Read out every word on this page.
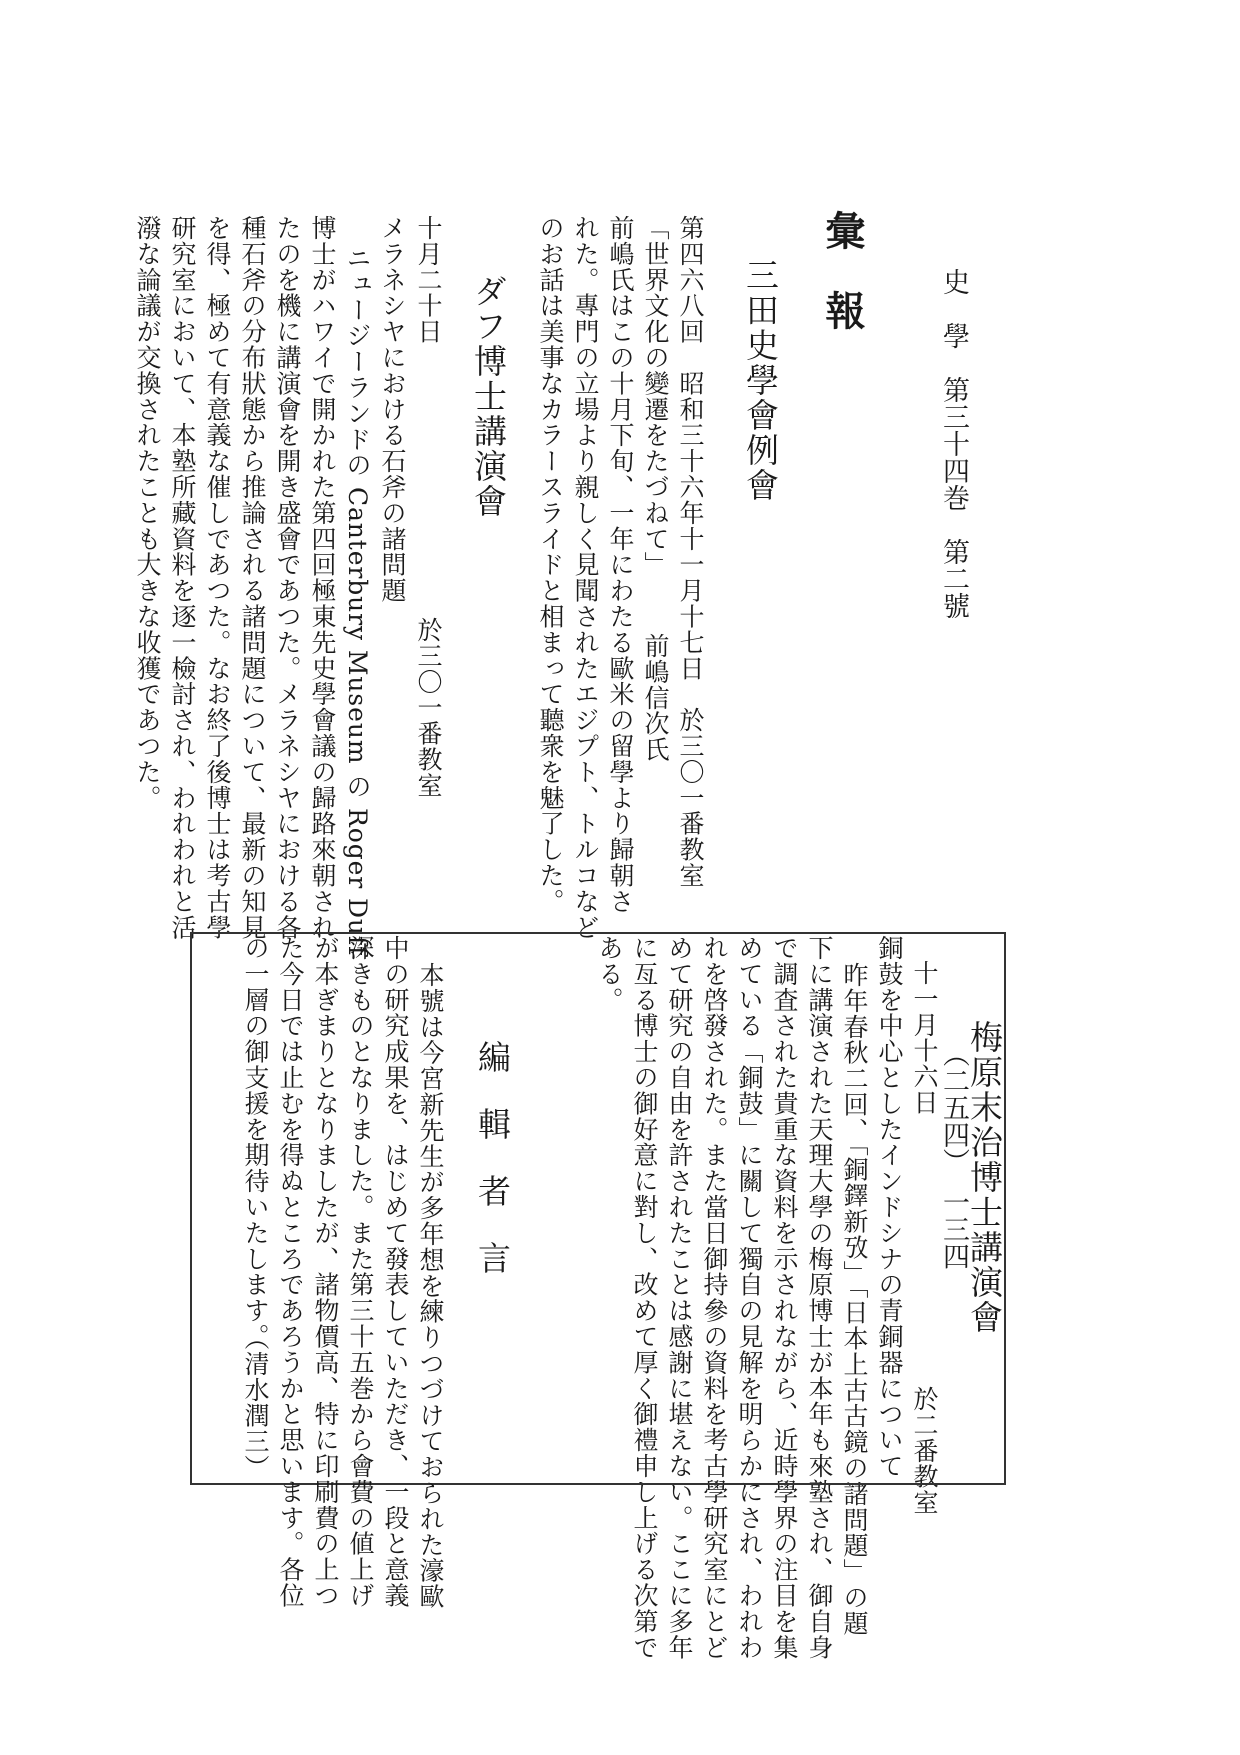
史　學　第三十四巻　第二號
（二五四）　一三四
彙報
三田史學會例會
第四六八回　昭和三十六年十一月十七日　於三〇一番教室
「世界文化の變遷をたづねて」
前嶋信次氏
前嶋氏はこの十月下旬、一年にわたる歐米の留學より歸朝さ
れた。專門の立場より親しく見聞されたエジプト、トルコなど
のお話は美事なカラースライドと相まって聽衆を魅了した。
ダフ博士講演會
十月二十日
於三〇一番教室
メラネシヤにおける石斧の諸問題
ニュージーランドの Canterbury Museum の Roger Duff
博士がハワイで開かれた第四回極東先史學會議の歸路來朝され
たのを機に講演會を開き盛會であつた。メラネシヤにおける各
種石斧の分布狀態から推論される諸問題について、最新の知見
を得、極めて有意義な催しであつた。なお終了後博士は考古學
研究室において、本塾所藏資料を逐一檢討され、われわれと活
潑な論議が交換されたことも大きな收獲であつた。
梅原末治博士講演會
十一月十六日
於二番教室
銅鼓を中心としたインドシナの青銅器について
昨年春秋二回、「銅鐸新攷」「日本上古古鏡の諸問題」の題
下に講演された天理大學の梅原博士が本年も來塾され、御自身
で調査された貴重な資料を示されながら、近時學界の注目を集
めている「銅鼓」に關して獨自の見解を明らかにされ、われわ
れを啓發された。また當日御持參の資料を考古學研究室にとど
めて研究の自由を許されたことは感謝に堪えない。ここに多年
に亙る博士の御好意に對し、改めて厚く御禮申し上げる次第で
ある。
編輯者言
本號は今宮新先生が多年想を練りつづけておられた濠歐
中の研究成果を、はじめて發表していただき、一段と意義
深きものとなりました。また第三十五巻から會費の値上げ
が本ぎまりとなりましたが、諸物價高、特に印刷費の上つ
た今日では止むを得ぬところであろうかと思います。各位
の一層の御支援を期待いたします。
（清水潤三）
